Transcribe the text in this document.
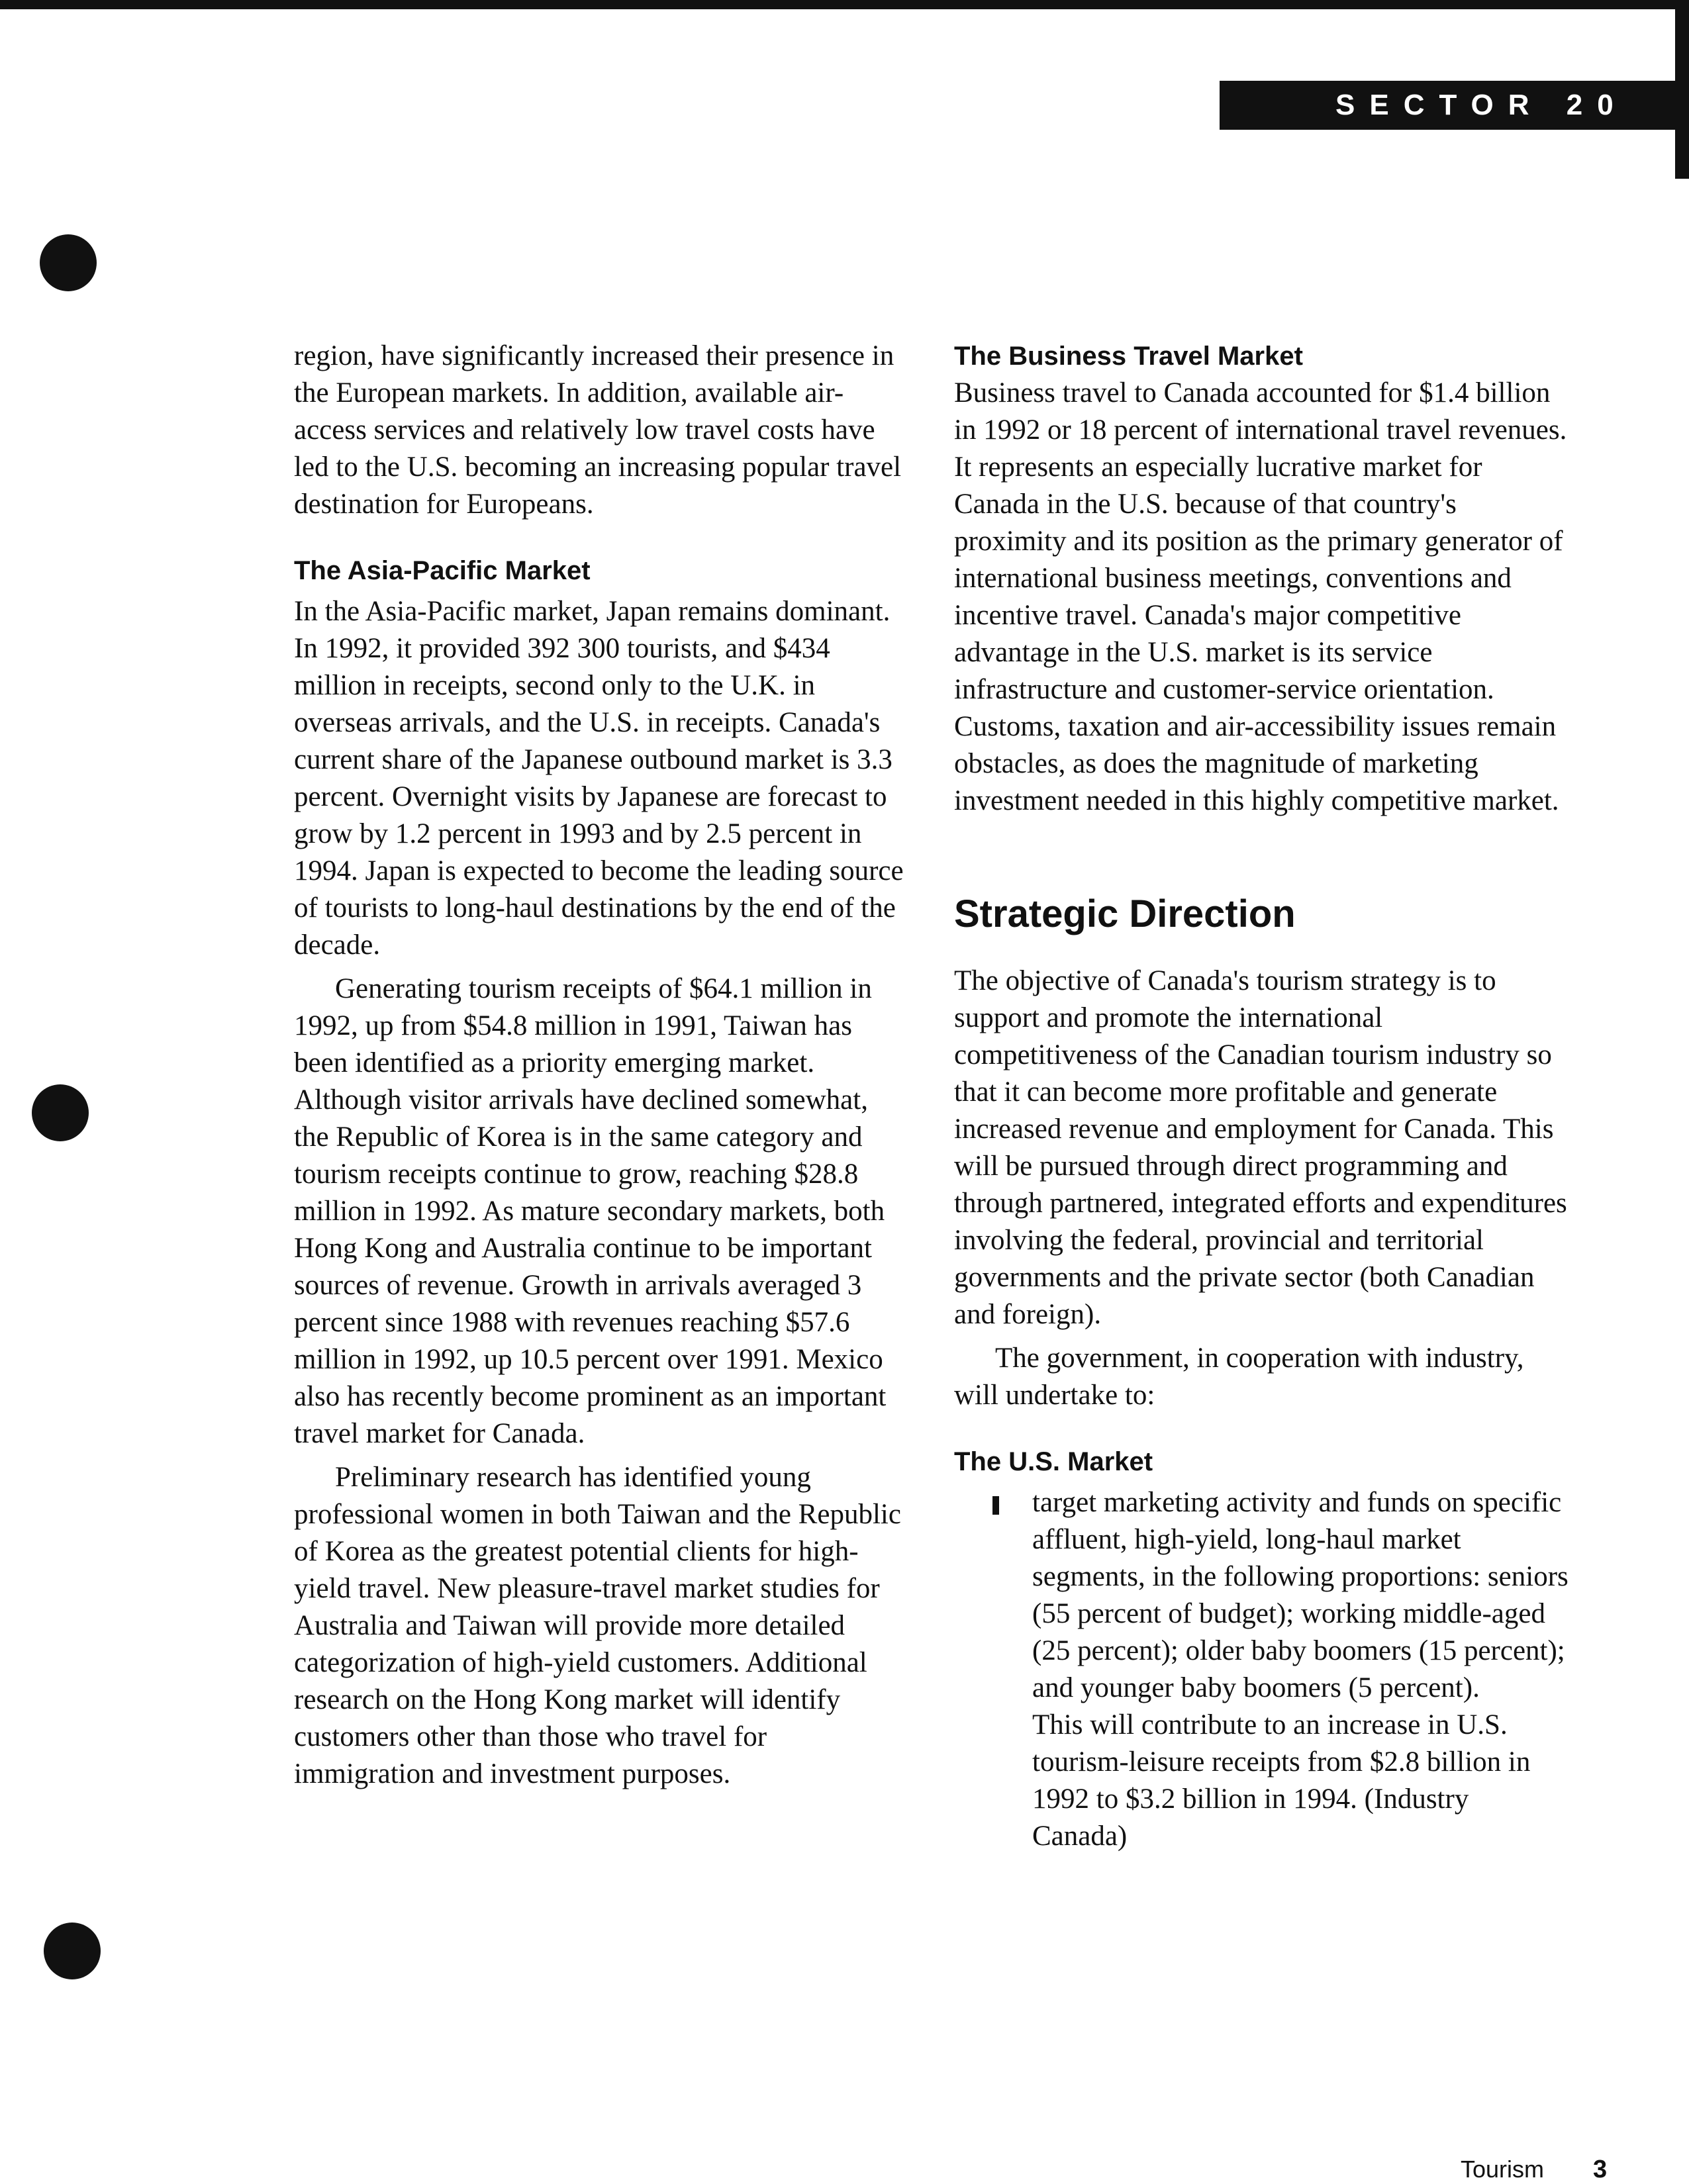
SECTOR 20

region, have significantly increased their presence in the European markets. In addition, available air-access services and relatively low travel costs have led to the U.S. becoming an increasing popular travel destination for Europeans.

The Asia-Pacific Market

In the Asia-Pacific market, Japan remains dominant. In 1992, it provided 392 300 tourists, and $434 million in receipts, second only to the U.K. in overseas arrivals, and the U.S. in receipts. Canada's current share of the Japanese outbound market is 3.3 percent. Overnight visits by Japanese are forecast to grow by 1.2 percent in 1993 and by 2.5 percent in 1994. Japan is expected to become the leading source of tourists to long-haul destinations by the end of the decade.

Generating tourism receipts of $64.1 million in 1992, up from $54.8 million in 1991, Taiwan has been identified as a priority emerging market. Although visitor arrivals have declined somewhat, the Republic of Korea is in the same category and tourism receipts continue to grow, reaching $28.8 million in 1992. As mature secondary markets, both Hong Kong and Australia continue to be important sources of revenue. Growth in arrivals averaged 3 percent since 1988 with revenues reaching $57.6 million in 1992, up 10.5 percent over 1991. Mexico also has recently become prominent as an important travel market for Canada.

Preliminary research has identified young professional women in both Taiwan and the Republic of Korea as the greatest potential clients for high-yield travel. New pleasure-travel market studies for Australia and Taiwan will provide more detailed categorization of high-yield customers. Additional research on the Hong Kong market will identify customers other than those who travel for immigration and investment purposes.

The Business Travel Market

Business travel to Canada accounted for $1.4 billion in 1992 or 18 percent of international travel revenues. It represents an especially lucrative market for Canada in the U.S. because of that country's proximity and its position as the primary generator of international business meetings, conventions and incentive travel. Canada's major competitive advantage in the U.S. market is its service infrastructure and customer-service orientation. Customs, taxation and air-accessibility issues remain obstacles, as does the magnitude of marketing investment needed in this highly competitive market.

Strategic Direction

The objective of Canada's tourism strategy is to support and promote the international competitiveness of the Canadian tourism industry so that it can become more profitable and generate increased revenue and employment for Canada. This will be pursued through direct programming and through partnered, integrated efforts and expenditures involving the federal, provincial and territorial governments and the private sector (both Canadian and foreign).

The government, in cooperation with industry, will undertake to:

The U.S. Market
target marketing activity and funds on specific affluent, high-yield, long-haul market segments, in the following proportions: seniors (55 percent of budget); working middle-aged (25 percent); older baby boomers (15 percent); and younger baby boomers (5 percent).

This will contribute to an increase in U.S. tourism-leisure receipts from $2.8 billion in 1992 to $3.2 billion in 1994. (Industry Canada)

Tourism 3
